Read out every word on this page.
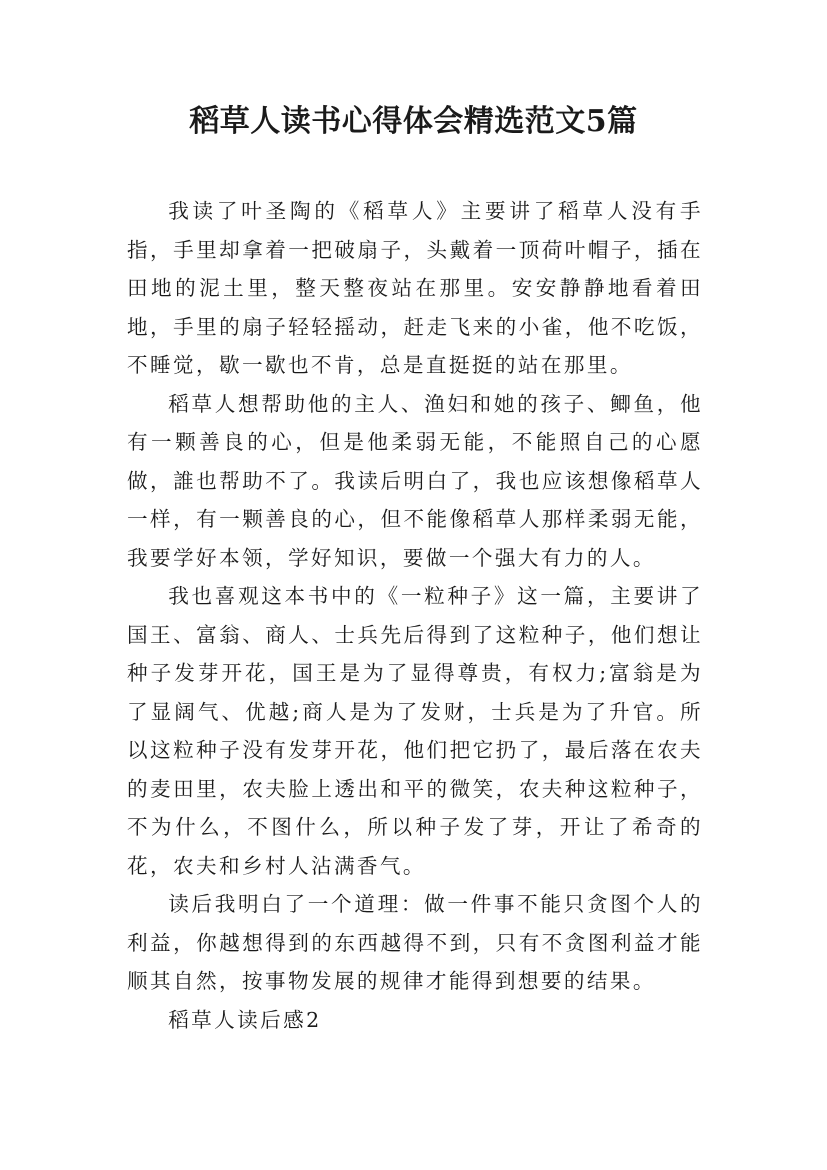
稻草人读书心得体会精选范文5篇

我读了叶圣陶的《稻草人》主要讲了稻草人没有手指，手里却拿着一把破扇子，头戴着一顶荷叶帽子，插在田地的泥土里，整天整夜站在那里。安安静静地看着田地，手里的扇子轻轻摇动，赶走飞来的小雀，他不吃饭，不睡觉，歇一歇也不肯，总是直挺挺的站在那里。

稻草人想帮助他的主人、渔妇和她的孩子、鲫鱼，他有一颗善良的心，但是他柔弱无能，不能照自己的心愿做，誰也帮助不了。我读后明白了，我也应该想像稻草人一样，有一颗善良的心，但不能像稻草人那样柔弱无能，我要学好本领，学好知识，要做一个强大有力的人。

我也喜观这本书中的《一粒种子》这一篇，主要讲了国王、富翁、商人、士兵先后得到了这粒种子，他们想让种子发芽开花，国王是为了显得尊贵，有权力;富翁是为了显阔气、优越;商人是为了发财，士兵是为了升官。所以这粒种子没有发芽开花，他们把它扔了，最后落在农夫的麦田里，农夫脸上透出和平的微笑，农夫种这粒种子，不为什么，不图什么，所以种子发了芽，开让了希奇的花，农夫和乡村人沾满香气。

读后我明白了一个道理：做一件事不能只贪图个人的利益，你越想得到的东西越得不到，只有不贪图利益才能顺其自然，按事物发展的规律才能得到想要的结果。

稻草人读后感2
